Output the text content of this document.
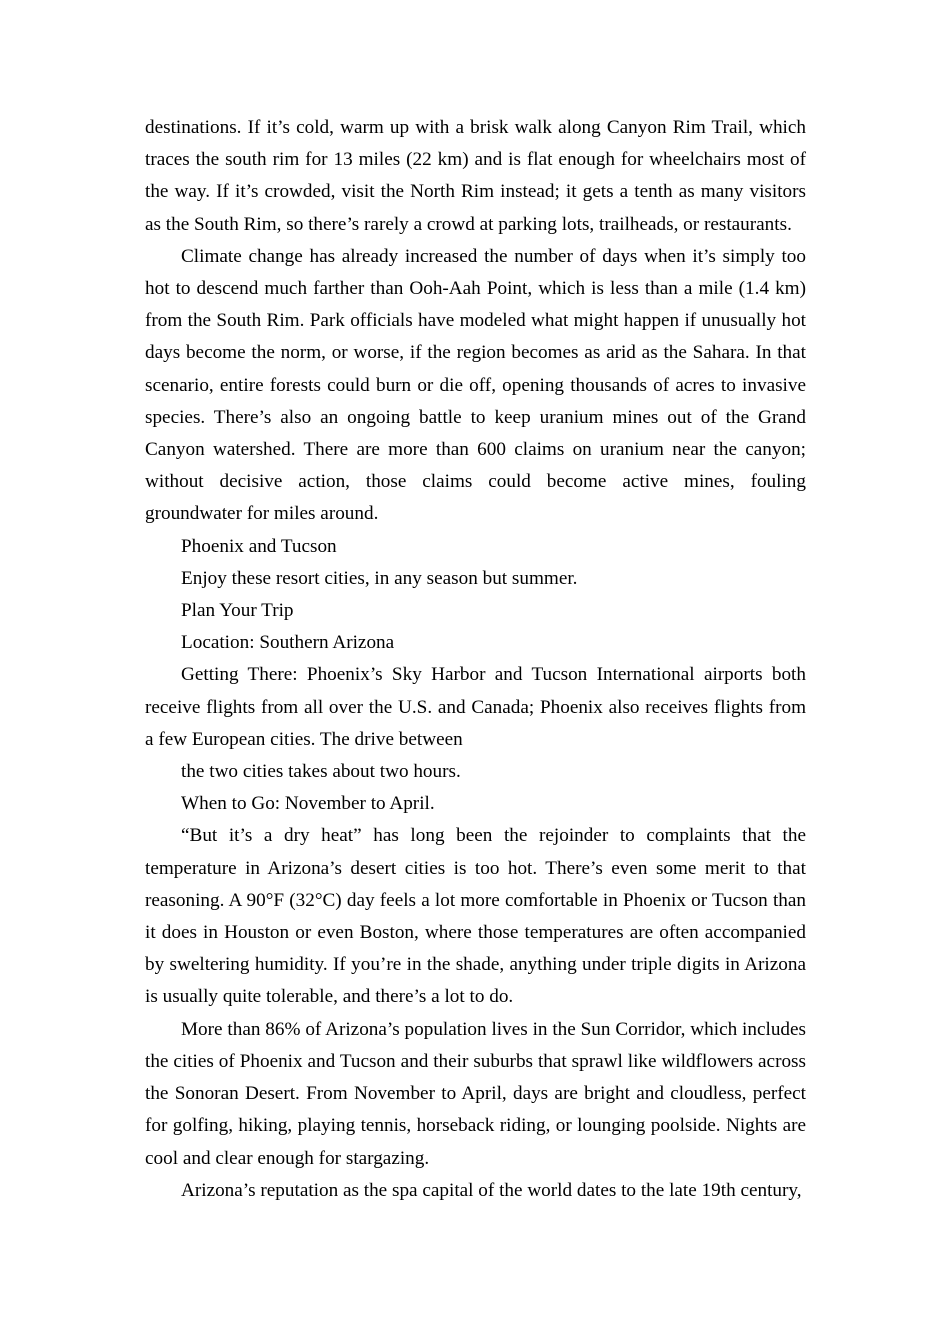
destinations. If it’s cold, warm up with a brisk walk along Canyon Rim Trail, which traces the south rim for 13 miles (22 km) and is flat enough for wheelchairs most of the way. If it’s crowded, visit the North Rim instead; it gets a tenth as many visitors as the South Rim, so there’s rarely a crowd at parking lots, trailheads, or restaurants.

Climate change has already increased the number of days when it’s simply too hot to descend much farther than Ooh-Aah Point, which is less than a mile (1.4 km) from the South Rim. Park officials have modeled what might happen if unusually hot days become the norm, or worse, if the region becomes as arid as the Sahara. In that scenario, entire forests could burn or die off, opening thousands of acres to invasive species. There’s also an ongoing battle to keep uranium mines out of the Grand Canyon watershed. There are more than 600 claims on uranium near the canyon; without decisive action, those claims could become active mines, fouling groundwater for miles around.

Phoenix and Tucson

Enjoy these resort cities, in any season but summer.

Plan Your Trip

Location: Southern Arizona

Getting There: Phoenix’s Sky Harbor and Tucson International airports both receive flights from all over the U.S. and Canada; Phoenix also receives flights from a few European cities. The drive between

the two cities takes about two hours.

When to Go: November to April.

“But it’s a dry heat” has long been the rejoinder to complaints that the temperature in Arizona’s desert cities is too hot. There’s even some merit to that reasoning. A 90°F (32°C) day feels a lot more comfortable in Phoenix or Tucson than it does in Houston or even Boston, where those temperatures are often accompanied by sweltering humidity. If you’re in the shade, anything under triple digits in Arizona is usually quite tolerable, and there’s a lot to do.

More than 86% of Arizona’s population lives in the Sun Corridor, which includes the cities of Phoenix and Tucson and their suburbs that sprawl like wildflowers across the Sonoran Desert. From November to April, days are bright and cloudless, perfect for golfing, hiking, playing tennis, horseback riding, or lounging poolside. Nights are cool and clear enough for stargazing.

Arizona’s reputation as the spa capital of the world dates to the late 19th century,
